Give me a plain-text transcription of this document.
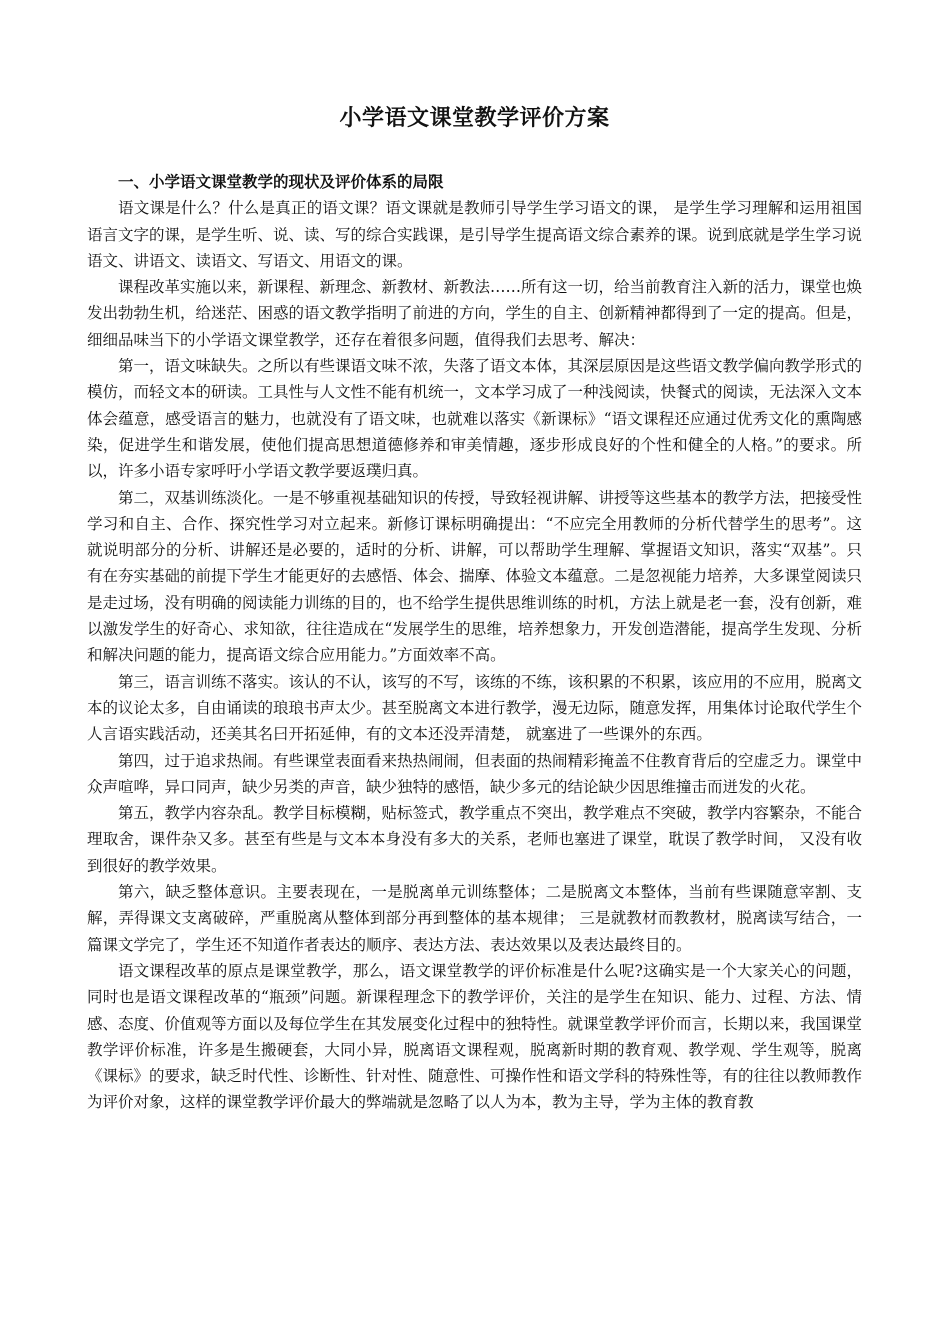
小学语文课堂教学评价方案
一、小学语文课堂教学的现状及评价体系的局限

语文课是什么？什么是真正的语文课？语文课就是教师引导学生学习语文的课， 是学生学习理解和运用祖国语言文字的课，是学生听、说、读、写的综合实践课，是引导学生提高语文综合素养的课。说到底就是学生学习说语文、讲语文、读语文、写语文、用语文的课。

课程改革实施以来，新课程、新理念、新教材、新教法……所有这一切，给当前教育注入新的活力，课堂也焕发出勃勃生机，给迷茫、困惑的语文教学指明了前进的方向，学生的自主、创新精神都得到了一定的提高。但是，细细品味当下的小学语文课堂教学，还存在着很多问题，值得我们去思考、解决：

第一，语文味缺失。之所以有些课语文味不浓，失落了语文本体，其深层原因是这些语文教学偏向教学形式的模仿，而轻文本的研读。工具性与人文性不能有机统一，文本学习成了一种浅阅读，快餐式的阅读，无法深入文本体会蕴意，感受语言的魅力，也就没有了语文味，也就难以落实《新课标》“语文课程还应通过优秀文化的熏陶感染，促进学生和谐发展，使他们提高思想道德修养和审美情趣，逐步形成良好的个性和健全的人格。”的要求。所以，许多小语专家呼吁小学语文教学要返璞归真。

第二，双基训练淡化。一是不够重视基础知识的传授，导致轻视讲解、讲授等这些基本的教学方法，把接受性学习和自主、合作、探究性学习对立起来。新修订课标明确提出：“不应完全用教师的分析代替学生的思考”。这就说明部分的分析、讲解还是必要的，适时的分析、讲解，可以帮助学生理解、掌握语文知识，落实“双基”。只有在夯实基础的前提下学生才能更好的去感悟、体会、揣摩、体验文本蕴意。二是忽视能力培养，大多课堂阅读只是走过场，没有明确的阅读能力训练的目的，也不给学生提供思维训练的时机，方法上就是老一套，没有创新，难以激发学生的好奇心、求知欲，往往造成在“发展学生的思维，培养想象力，开发创造潜能，提高学生发现、分析和解决问题的能力，提高语文综合应用能力。”方面效率不高。

第三，语言训练不落实。该认的不认，该写的不写，该练的不练，该积累的不积累，该应用的不应用，脱离文本的议论太多，自由诵读的琅琅书声太少。甚至脱离文本进行教学，漫无边际，随意发挥，用集体讨论取代学生个人言语实践活动，还美其名曰开拓延伸，有的文本还没弄清楚， 就塞进了一些课外的东西。

第四，过于追求热闹。有些课堂表面看来热热闹闹，但表面的热闹精彩掩盖不住教育背后的空虚乏力。课堂中众声喧哗，异口同声，缺少另类的声音，缺少独特的感悟，缺少多元的结论缺少因思维撞击而迸发的火花。

第五，教学内容杂乱。教学目标模糊，贴标签式，教学重点不突出，教学难点不突破，教学内容繁杂，不能合理取舍，课件杂又多。甚至有些是与文本本身没有多大的关系，老师也塞进了课堂，耽误了教学时间， 又没有收到很好的教学效果。

第六，缺乏整体意识。主要表现在，一是脱离单元训练整体；二是脱离文本整体，当前有些课随意宰割、支解，弄得课文支离破碎，严重脱离从整体到部分再到整体的基本规律； 三是就教材而教教材，脱离读写结合，一篇课文学完了，学生还不知道作者表达的顺序、表达方法、表达效果以及表达最终目的。

语文课程改革的原点是课堂教学，那么，语文课堂教学的评价标准是什么呢?这确实是一个大家关心的问题，同时也是语文课程改革的“瓶颈”问题。新课程理念下的教学评价，关注的是学生在知识、能力、过程、方法、情感、态度、价值观等方面以及每位学生在其发展变化过程中的独特性。就课堂教学评价而言，长期以来，我国课堂教学评价标准，许多是生搬硬套，大同小异，脱离语文课程观，脱离新时期的教育观、教学观、学生观等，脱离《课标》的要求，缺乏时代性、诊断性、针对性、随意性、可操作性和语文学科的特殊性等，有的往往以教师教作为评价对象，这样的课堂教学评价最大的弊端就是忽略了以人为本，教为主导，学为主体的教育教
